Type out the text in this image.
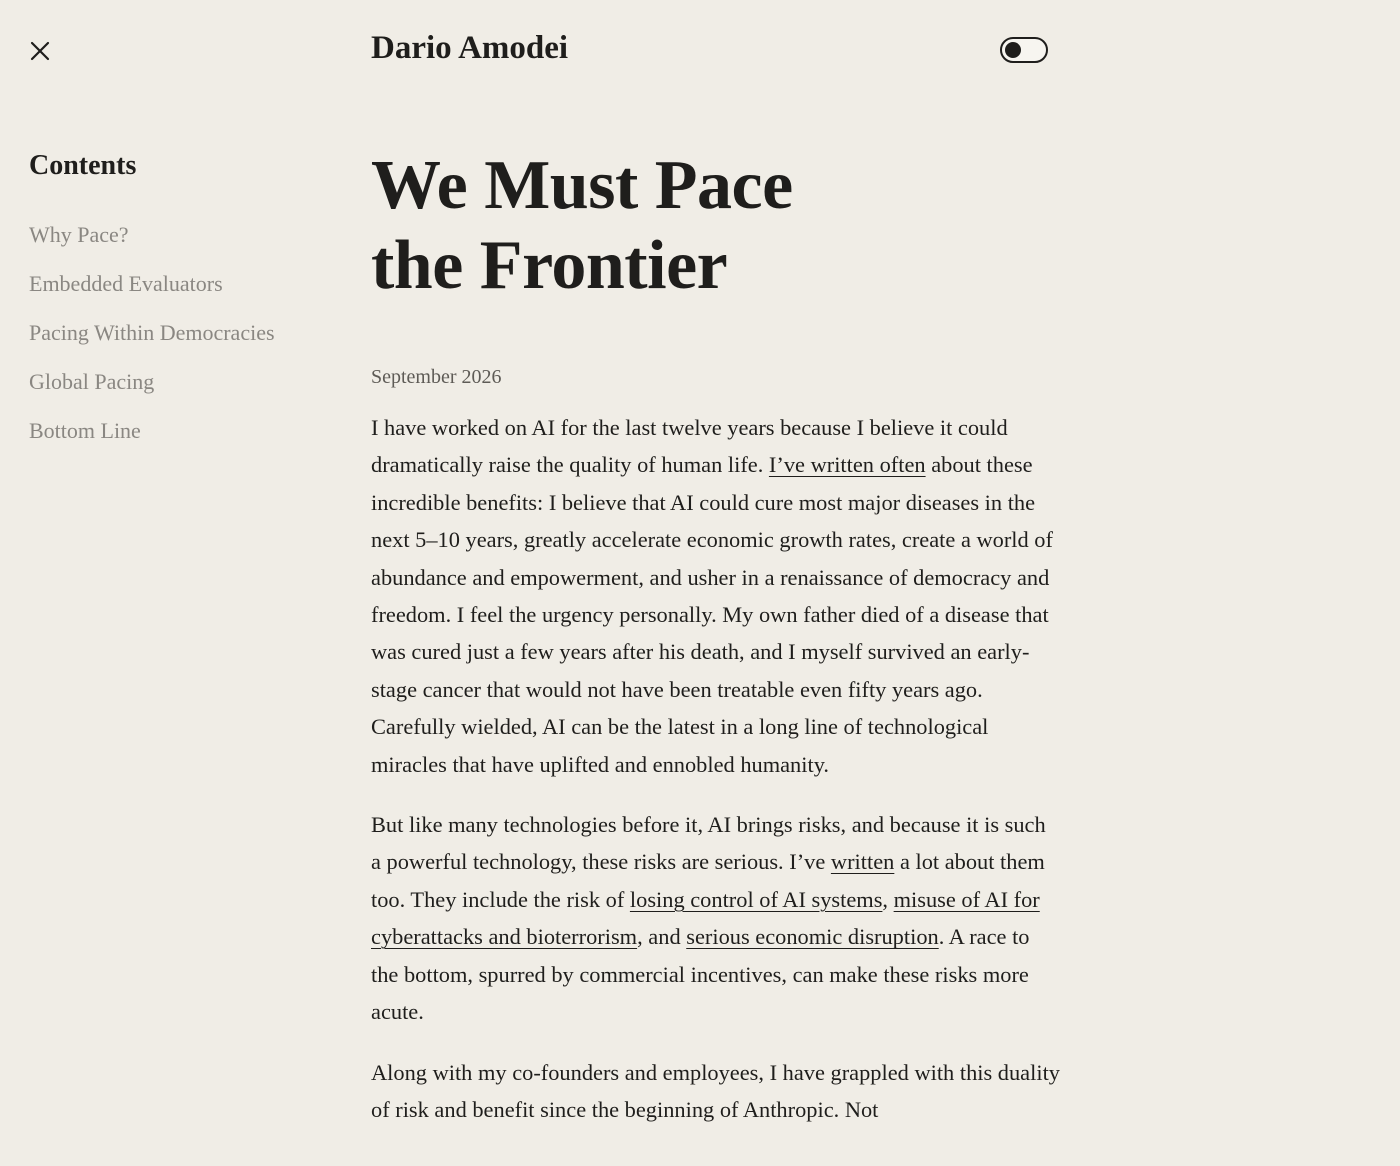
Dario Amodei
Contents
Why Pace?
Embedded Evaluators
Pacing Within Democracies
Global Pacing
Bottom Line
We Must Pace the Frontier
September 2026

I have worked on AI for the last twelve years because I believe it could dramatically raise the quality of human life. I’ve written often about these incredible benefits: I believe that AI could cure most major diseases in the next 5–10 years, greatly accelerate economic growth rates, create a world of abundance and empowerment, and usher in a renaissance of democracy and freedom. I feel the urgency personally. My own father died of a disease that was cured just a few years after his death, and I myself survived an early-stage cancer that would not have been treatable even fifty years ago. Carefully wielded, AI can be the latest in a long line of technological miracles that have uplifted and ennobled humanity.

But like many technologies before it, AI brings risks, and because it is such a powerful technology, these risks are serious. I’ve written a lot about them too. They include the risk of losing control of AI systems, misuse of AI for cyberattacks and bioterrorism, and serious economic disruption. A race to the bottom, spurred by commercial incentives, can make these risks more acute.

Along with my co-founders and employees, I have grappled with this duality of risk and benefit since the beginning of Anthropic. Not
